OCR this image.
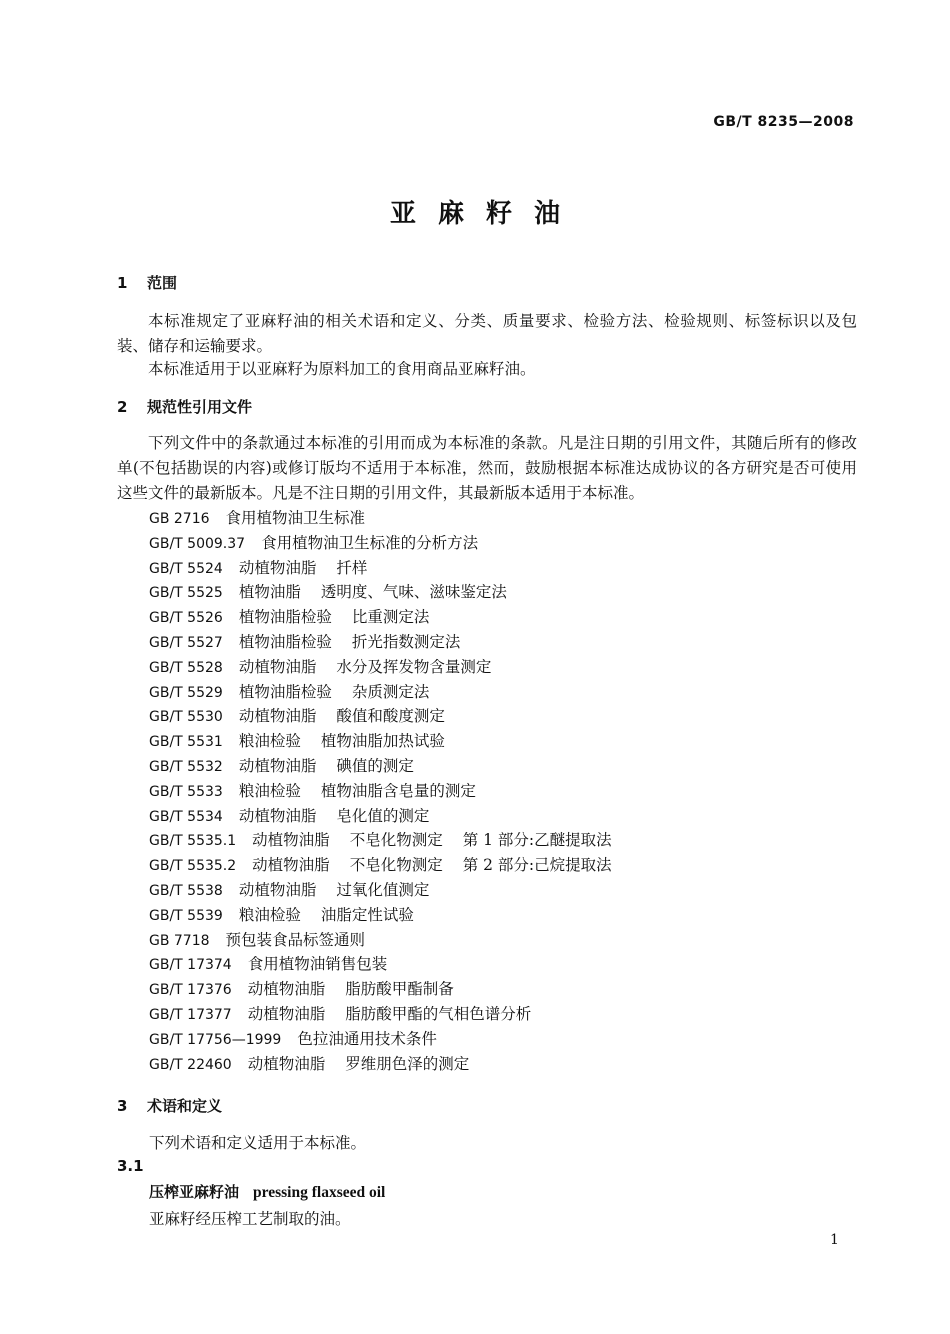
GB/T 8235—2008
亚麻籽油
1 范围
本标准规定了亚麻籽油的相关术语和定义、分类、质量要求、检验方法、检验规则、标签标识以及包装、储存和运输要求。
本标准适用于以亚麻籽为原料加工的食用商品亚麻籽油。
2 规范性引用文件
下列文件中的条款通过本标准的引用而成为本标准的条款。凡是注日期的引用文件，其随后所有的修改单(不包括勘误的内容)或修订版均不适用于本标准，然而，鼓励根据本标准达成协议的各方研究是否可使用这些文件的最新版本。凡是不注日期的引用文件，其最新版本适用于本标准。
GB 2716 食用植物油卫生标准
GB/T 5009.37 食用植物油卫生标准的分析方法
GB/T 5524 动植物油脂 扦样
GB/T 5525 植物油脂 透明度、气味、滋味鉴定法
GB/T 5526 植物油脂检验 比重测定法
GB/T 5527 植物油脂检验 折光指数测定法
GB/T 5528 动植物油脂 水分及挥发物含量测定
GB/T 5529 植物油脂检验 杂质测定法
GB/T 5530 动植物油脂 酸值和酸度测定
GB/T 5531 粮油检验 植物油脂加热试验
GB/T 5532 动植物油脂 碘值的测定
GB/T 5533 粮油检验 植物油脂含皂量的测定
GB/T 5534 动植物油脂 皂化值的测定
GB/T 5535.1 动植物油脂 不皂化物测定 第 1 部分:乙醚提取法
GB/T 5535.2 动植物油脂 不皂化物测定 第 2 部分:己烷提取法
GB/T 5538 动植物油脂 过氧化值测定
GB/T 5539 粮油检验 油脂定性试验
GB 7718 预包装食品标签通则
GB/T 17374 食用植物油销售包装
GB/T 17376 动植物油脂 脂肪酸甲酯制备
GB/T 17377 动植物油脂 脂肪酸甲酯的气相色谱分析
GB/T 17756—1999 色拉油通用技术条件
GB/T 22460 动植物油脂 罗维朋色泽的测定
3 术语和定义
下列术语和定义适用于本标准。
3.1
压榨亚麻籽油 pressing flaxseed oil
亚麻籽经压榨工艺制取的油。
1
